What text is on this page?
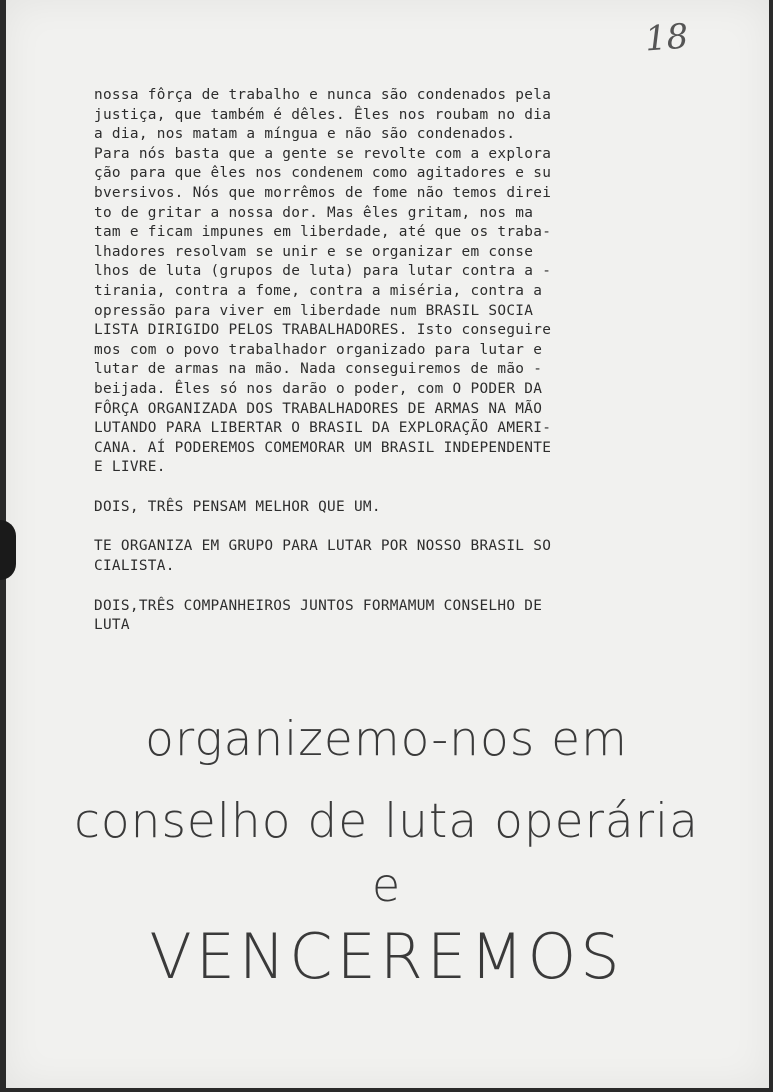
18
nossa fôrça de trabalho e nunca são condenados pela
justiça, que também é dêles. Êles nos roubam no dia
a dia, nos matam a míngua e não são condenados.
Para nós basta que a gente se revolte com a explora
ção para que êles nos condenem como agitadores e su
bversivos. Nós que morrêmos de fome não temos direi
to de gritar a nossa dor. Mas êles gritam, nos ma
tam e ficam impunes em liberdade, até que os traba-
lhadores resolvam se unir e se organizar em conse
lhos de luta (grupos de luta) para lutar contra a -
tirania, contra a fome, contra a miséria, contra a
opressão para viver em liberdade num BRASIL SOCIA
LISTA DIRIGIDO PELOS TRABALHADORES. Isto conseguire
mos com o povo trabalhador organizado para lutar e
lutar de armas na mão. Nada conseguiremos de mão -
beijada. Êles só nos darão o poder, com O PODER DA
FÔRÇA ORGANIZADA DOS TRABALHADORES DE ARMAS NA MÃO
LUTANDO PARA LIBERTAR O BRASIL DA EXPLORAÇÃO AMERI-
CANA. AÍ PODEREMOS COMEMORAR UM BRASIL INDEPENDENTE
E LIVRE.
DOIS, TRÊS PENSAM MELHOR QUE UM.
TE ORGANIZA EM GRUPO PARA LUTAR POR NOSSO BRASIL SO
CIALISTA.
DOIS,TRÊS COMPANHEIROS JUNTOS FORMAMUM CONSELHO DE
LUTA
organizemo-nos em
conselho de luta operária
e
VENCEREMOS
